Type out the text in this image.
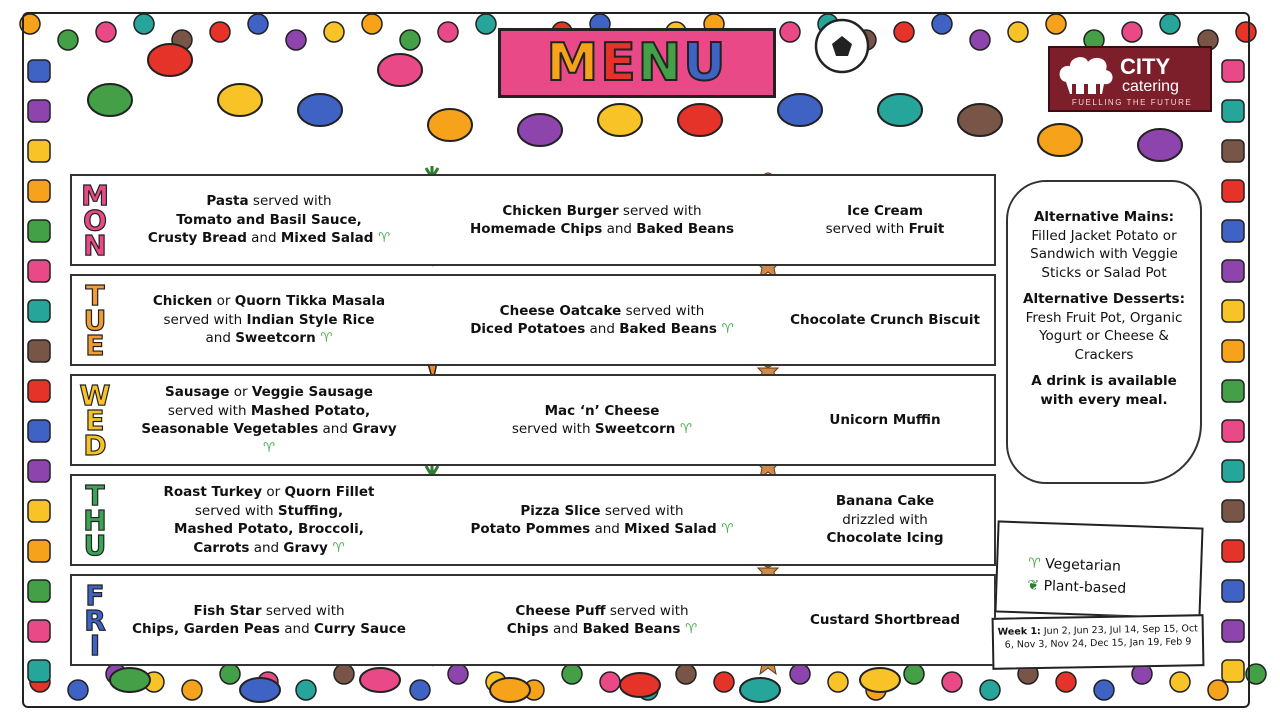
MENU	CITY
catering
FUELLING THE FUTURE
M
O
N
Pasta served with
Tomato and Basil Sauce,
Crusty Bread and Mixed Salad ♈
Chicken Burger served with
Homemade Chips and Baked Beans
Ice Cream
served with Fruit
T
U
E
Chicken or Quorn Tikka Masala
served with Indian Style Rice
and Sweetcorn ♈
Cheese Oatcake served with
Diced Potatoes and Baked Beans ♈
Chocolate Crunch Biscuit
W
E
D
Sausage or Veggie Sausage
served with Mashed Potato,
Seasonable Vegetables and Gravy
♈
Mac ‘n’ Cheese
served with Sweetcorn ♈
Unicorn Muffin
T
H
U
Roast Turkey or Quorn Fillet
served with Stuffing,
Mashed Potato, Broccoli,
Carrots and Gravy ♈
Pizza Slice served with
Potato Pommes and Mixed Salad ♈
Banana Cake
drizzled with
Chocolate Icing
F
R
I
Fish Star served with
Chips, Garden Peas and Curry Sauce
Cheese Puff served with
Chips and Baked Beans ♈
Custard Shortbread

Alternative Mains:
Filled Jacket Potato or Sandwich with Veggie Sticks or Salad Pot

Alternative Desserts: Fresh Fruit Pot, Organic Yogurt or Cheese & Crackers

A drink is available with every meal.

♈ Vegetarian
❦ Plant-based
Week 1: Jun 2, Jun 23, Jul 14, Sep 15, Oct 6, Nov 3, Nov 24, Dec 15, Jan 19, Feb 9
